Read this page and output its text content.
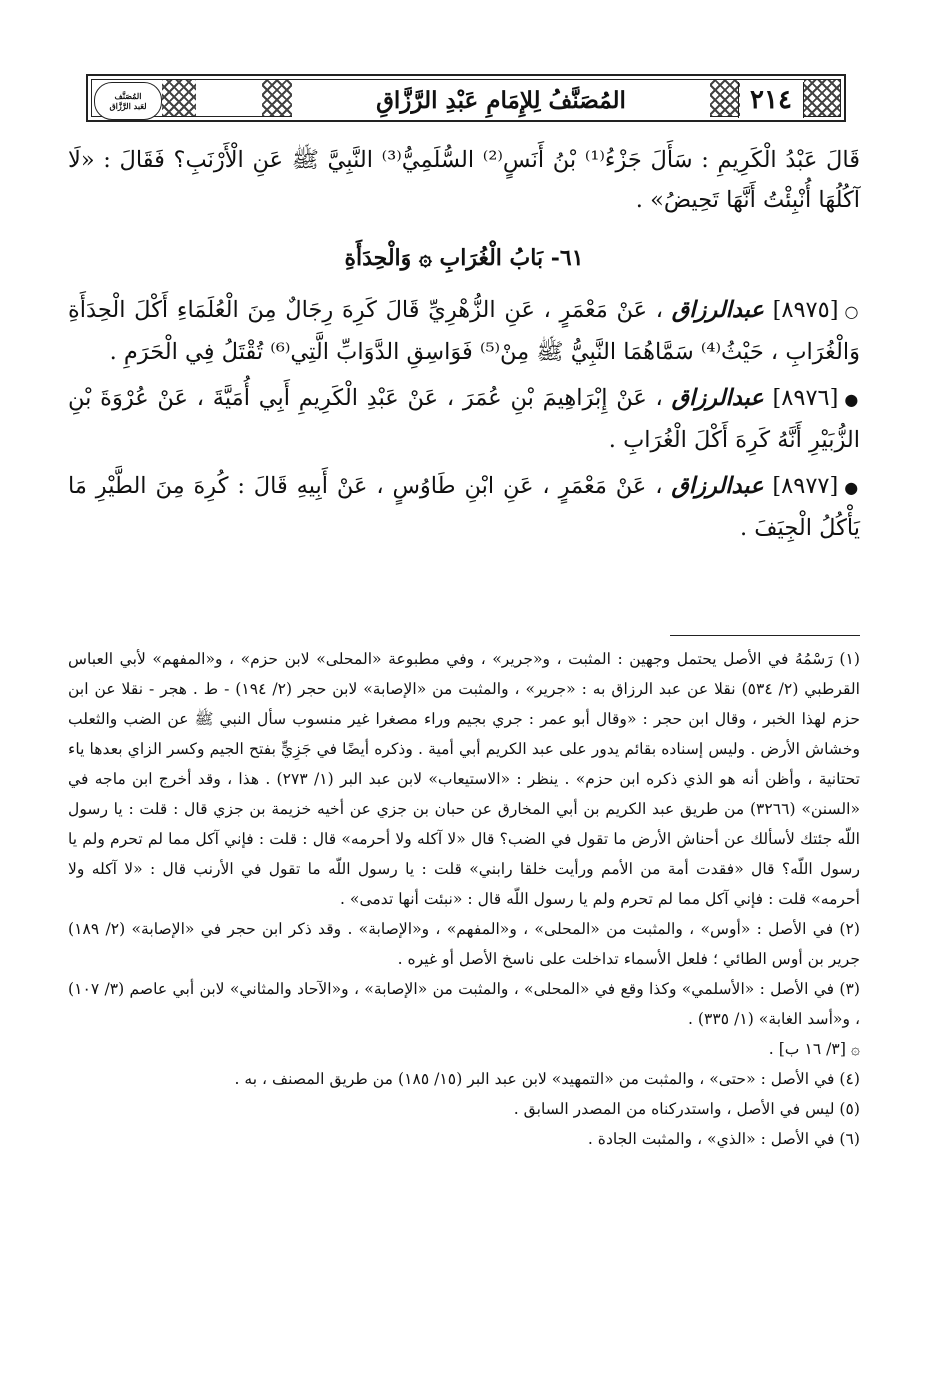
٢١٤
المُصَنَّفُ لِلإِمَامِ عَبْدِ الرَّزَّاقِ
المُصَنَّف
لعَبد الرَّزَّاق

قَالَ عَبْدُ الْكَرِيمِ : سَأَلَ جَزْءُ⁽¹⁾ بْنُ أَنَسٍ⁽²⁾ السُّلَمِيُّ⁽³⁾ النَّبِيَّ ﷺ عَنِ الْأَرْنَبِ؟ فَقَالَ : «لَا آكُلُهَا أُنْبِئْتُ أَنَّهَا تَحِيضُ» .

٦١- بَابُ الْغُرَابِ ۞ وَالْحِدَأَةِ

○[٨٩٧٥] عبدالرزاق ، عَنْ مَعْمَرٍ ، عَنِ الزُّهْرِيِّ قَالَ كَرِهَ رِجَالٌ مِنَ الْعُلَمَاءِ أَكْلَ الْحِدَأَةِ وَالْغُرَابِ ، حَيْثُ⁽⁴⁾ سَمَّاهُمَا النَّبِيُّ ﷺ مِنْ⁽⁵⁾ فَوَاسِقِ الدَّوَابِّ الَّتِي⁽⁶⁾ تُقْتَلُ فِي الْحَرَمِ .

●[٨٩٧٦] عبدالرزاق ، عَنْ إِبْرَاهِيمَ بْنِ عُمَرَ ، عَنْ عَبْدِ الْكَرِيمِ أَبِي أُمَيَّةَ ، عَنْ عُرْوَةَ بْنِ الزُّبَيْرِ أَنَّهُ كَرِهَ أَكْلَ الْغُرَابِ .

●[٨٩٧٧] عبدالرزاق ، عَنْ مَعْمَرٍ ، عَنِ ابْنِ طَاوُسٍ ، عَنْ أَبِيهِ قَالَ : كُرِهَ مِنَ الطَّيْرِ مَا يَأْكُلُ الْجِيَفَ .

(١) رَسْمُهُ في الأصل يحتمل وجهين : المثبت ، و«جرير» ، وفي مطبوعة «المحلى» لابن حزم» ، و«المفهم» لأبي العباس القرطبي (٢/ ٥٣٤) نقلا عن عبد الرزاق به : «جرير» ، والمثبت من «الإصابة» لابن حجر (٢/ ١٩٤) - ط . هجر - نقلا عن ابن حزم لهذا الخبر ، وقال ابن حجر : «وقال أبو عمر : جري بجيم وراء مصغرا غير منسوب سأل النبي ﷺ عن الضب والثعلب وخشاش الأرض . وليس إسناده بقائم يدور على عبد الكريم أبي أمية . وذكره أيضًا في جَزِيٍّ بفتح الجيم وكسر الزاي بعدها ياء تحتانية ، وأظن أنه هو الذي ذكره ابن حزم» . ينظر : «الاستيعاب» لابن عبد البر (١/ ٢٧٣) . هذا ، وقد أخرج ابن ماجه في «السنن» (٣٢٦٦) من طريق عبد الكريم بن أبي المخارق عن حبان بن جزي عن أخيه خزيمة بن جزي قال : قلت : يا رسول اللّه جئتك لأسألك عن أحناش الأرض ما تقول في الضب؟ قال «لا آكله ولا أحرمه» قال : قلت : فإني آكل مما لم تحرم ولم يا رسول اللّه؟ قال «فقدت أمة من الأمم ورأيت خلقا رابني» قلت : يا رسول اللّه ما تقول في الأرنب قال : «لا آكله ولا أحرمه» قلت : فإني آكل مما لم تحرم ولم يا رسول اللّه قال : «نبئت أنها تدمى» .

(٢) في الأصل : «أوس» ، والمثبت من «المحلى» ، و«المفهم» ، و«الإصابة» . وقد ذكر ابن حجر في «الإصابة» (٢/ ١٨٩) جرير بن أوس الطائي ؛ فلعل الأسماء تداخلت على ناسخ الأصل أو غيره .

(٣) في الأصل : «الأسلمي» وكذا وقع في «المحلى» ، والمثبت من «الإصابة» ، و«الآحاد والمثاني» لابن أبي عاصم (٣/ ١٠٧) ، و«أسد الغابة» (١/ ٣٣٥) .

۞ [٣/ ١٦ ب] .

(٤) في الأصل : «حتى» ، والمثبت من «التمهيد» لابن عبد البر (١٥/ ١٨٥) من طريق المصنف ، به .

(٥) ليس في الأصل ، واستدركناه من المصدر السابق .

(٦) في الأصل : «الذي» ، والمثبت الجادة .
